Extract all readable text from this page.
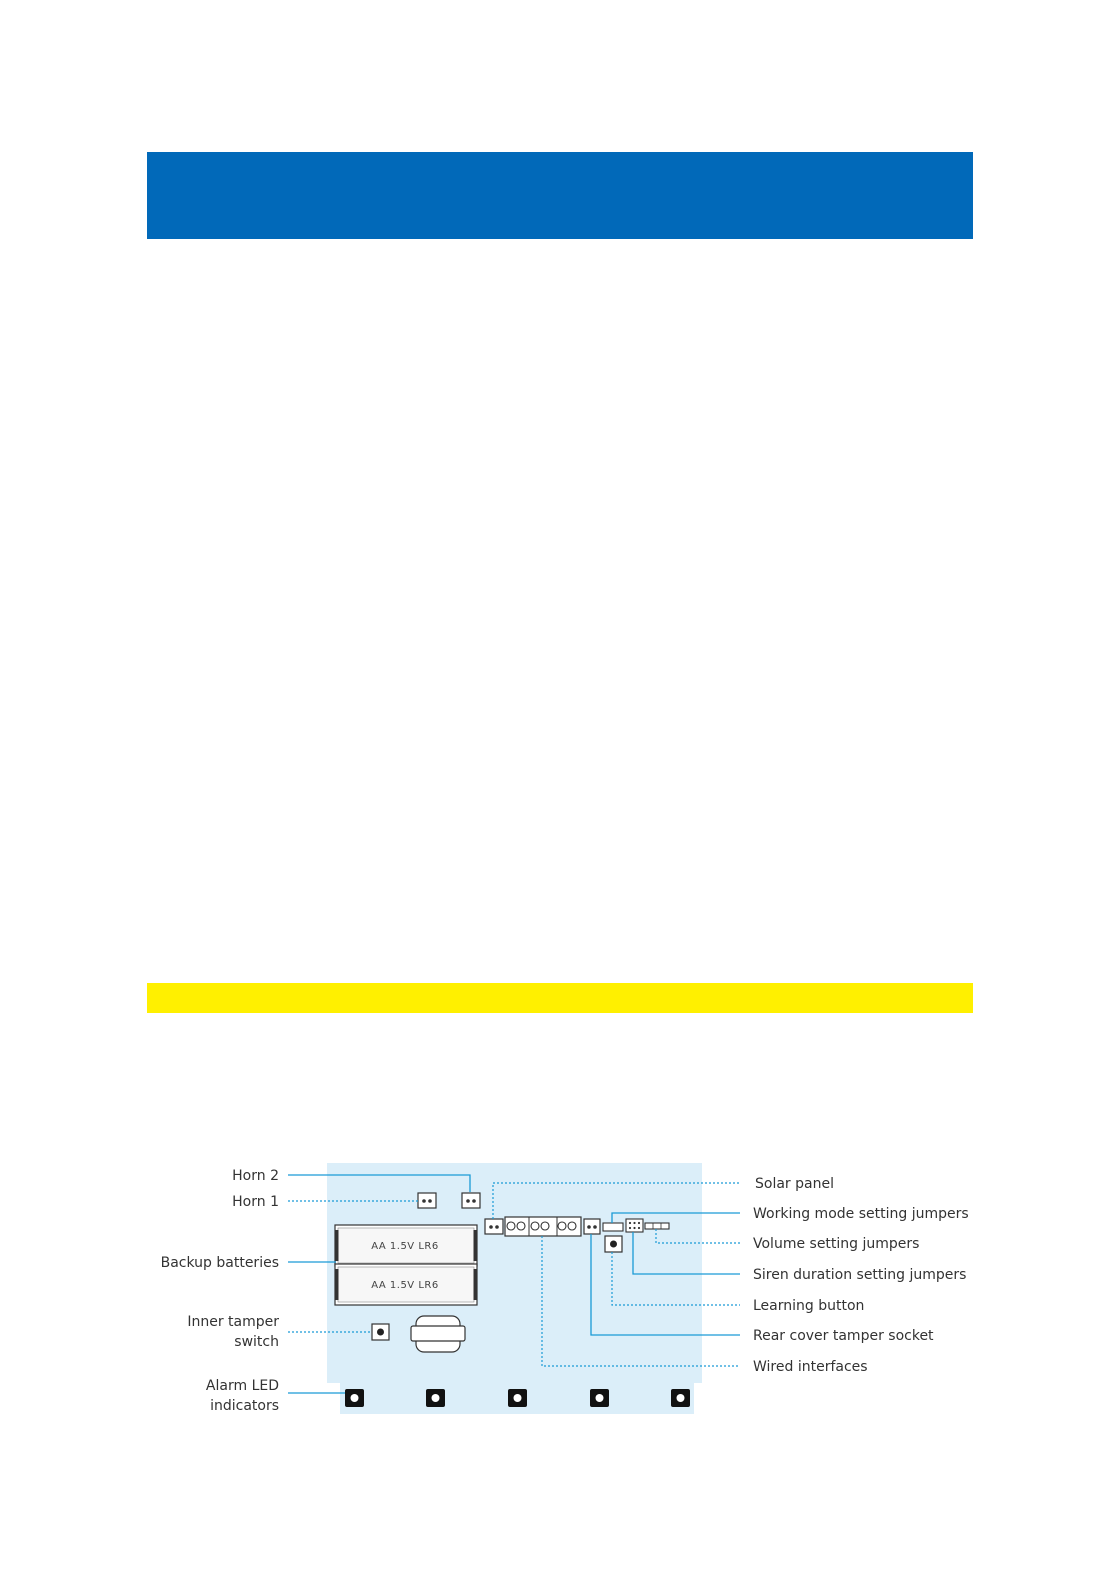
AA 1.5V LR6
AA 1.5V LR6
Horn 2
Horn 1
Backup batteries
Inner tamper
switch
Alarm LED
indicators
Solar panel
Working mode setting jumpers
Volume setting jumpers
Siren duration setting jumpers
Learning button
Rear cover tamper socket
Wired interfaces
